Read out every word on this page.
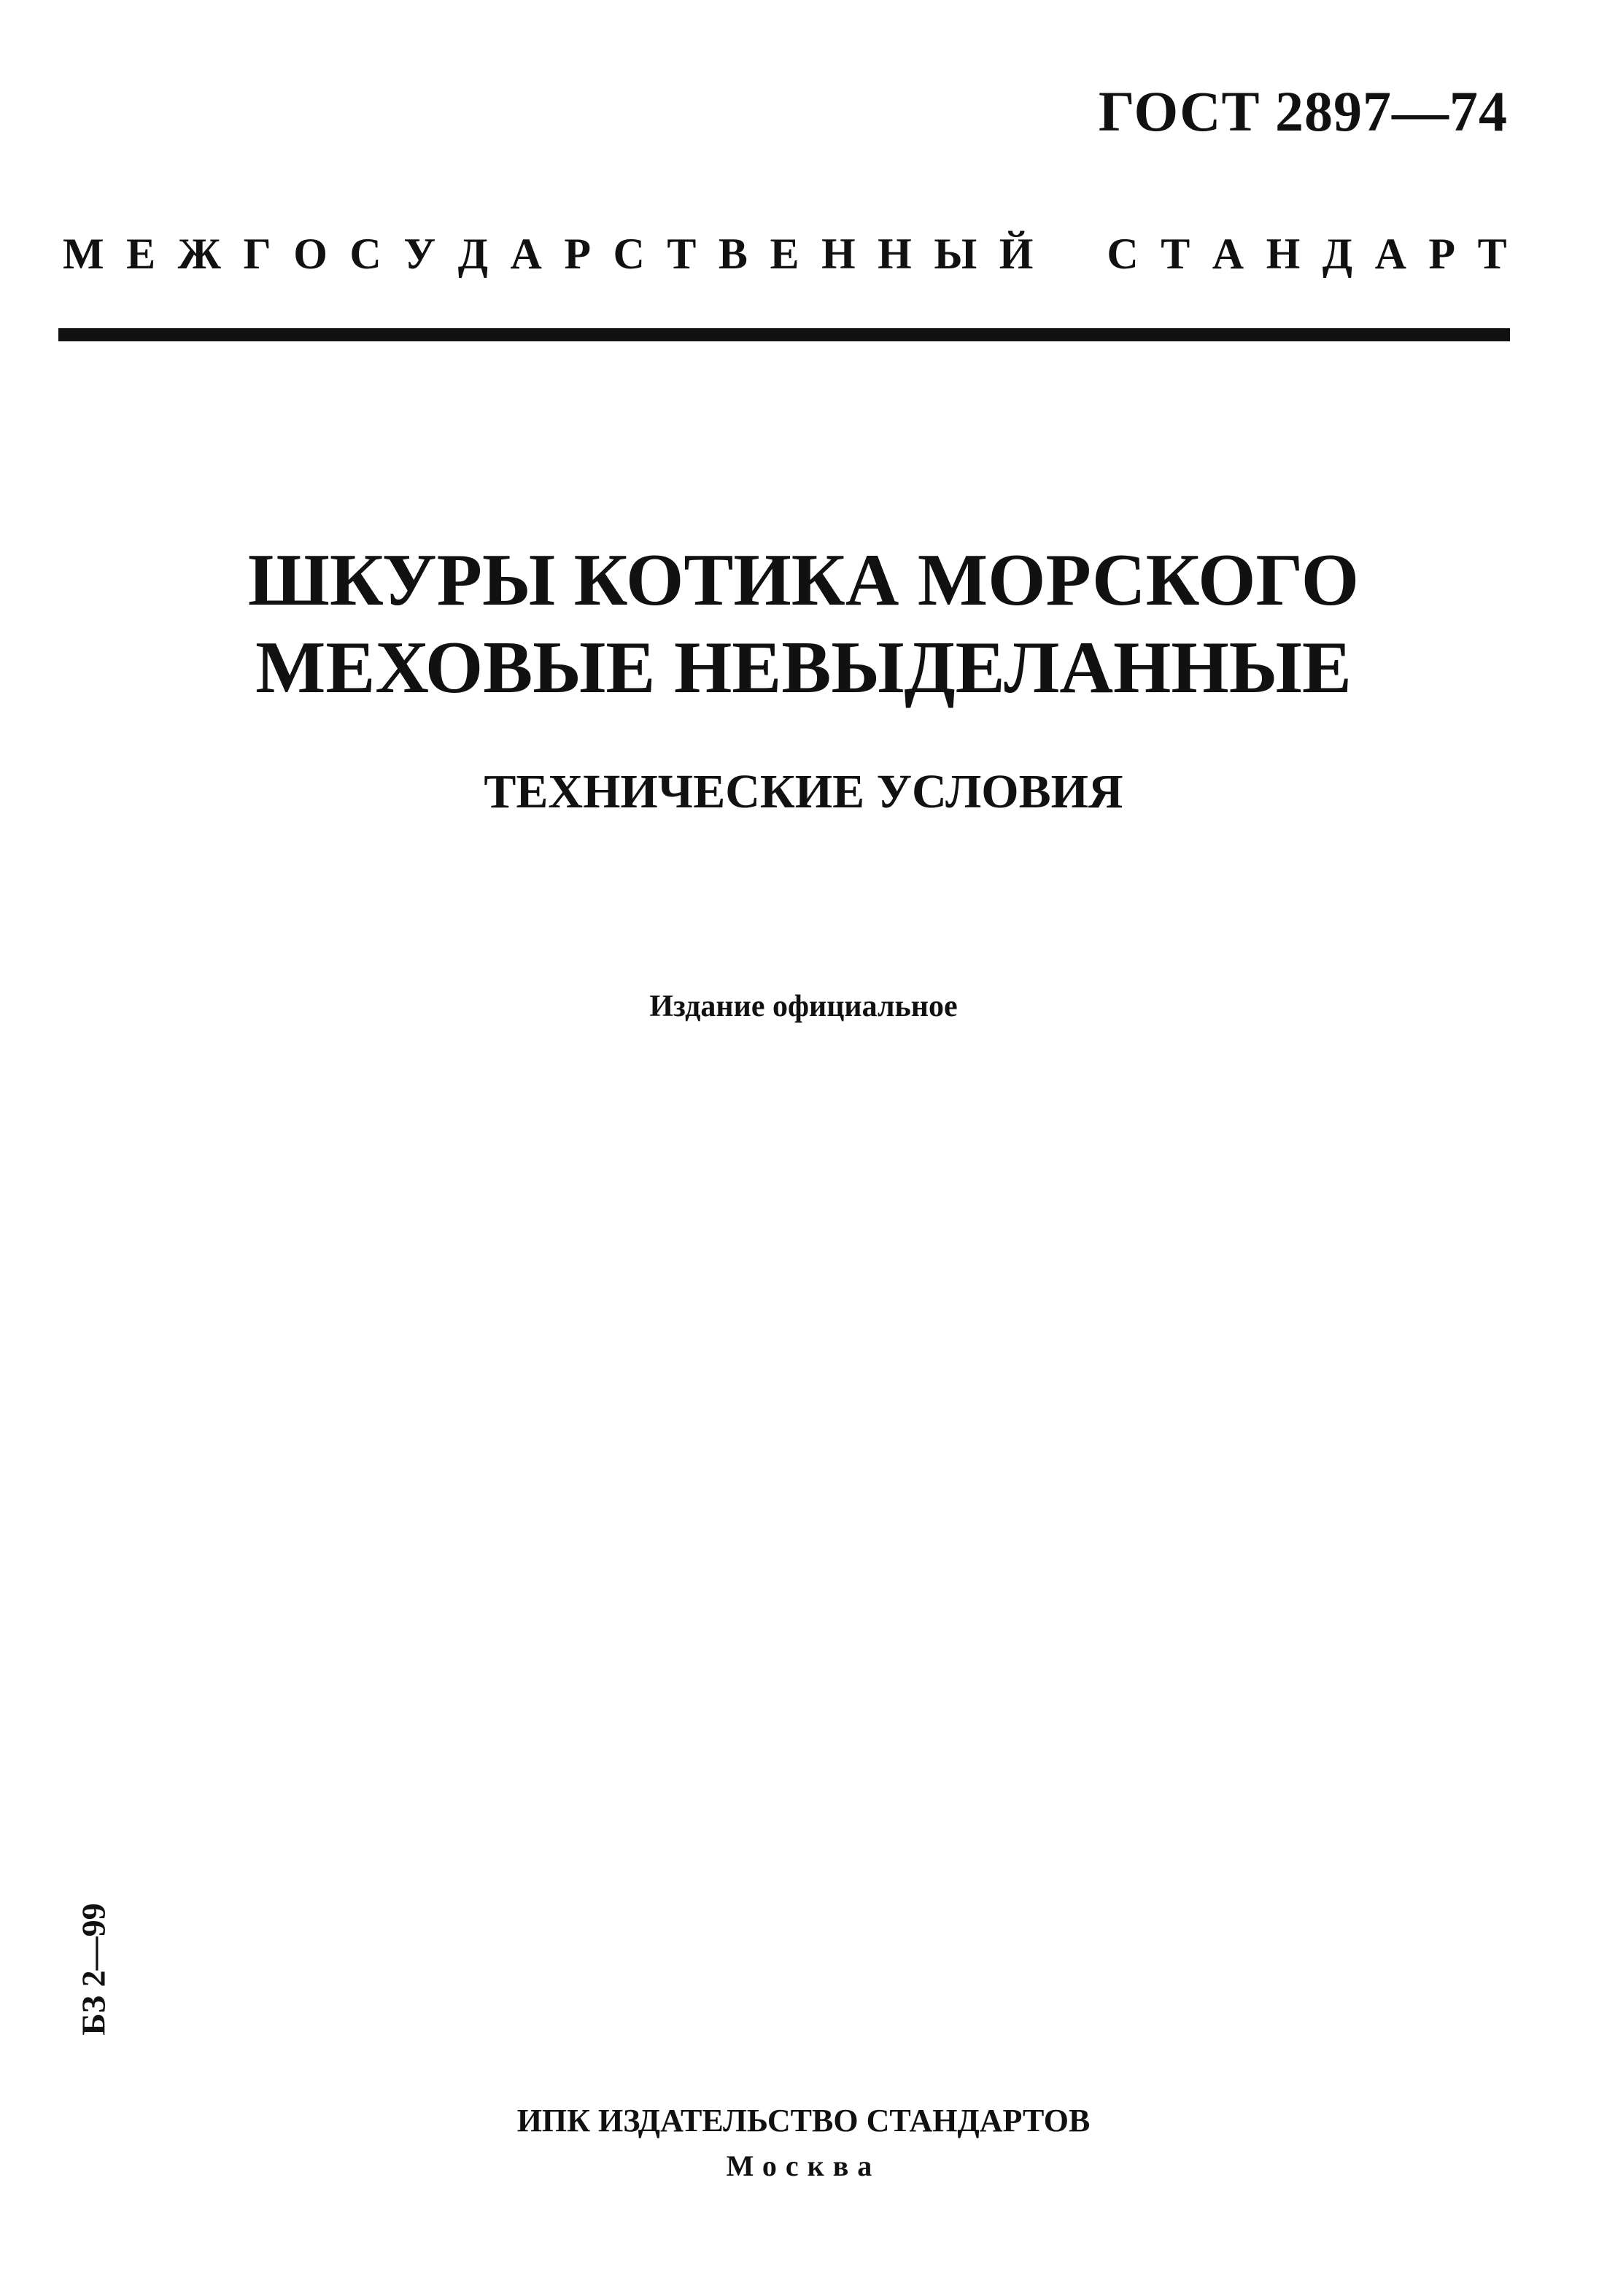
ГОСТ 2897—74
М Е Ж Г О С У Д А Р С Т В Е Н Н Ы Й С Т А Н Д А Р Т
ШКУРЫ КОТИКА МОРСКОГО
МЕХОВЫЕ НЕВЫДЕЛАННЫЕ
ТЕХНИЧЕСКИЕ УСЛОВИЯ
Издание официальное
БЗ 2—99
ИПК ИЗДАТЕЛЬСТВО СТАНДАРТОВ
Москва
